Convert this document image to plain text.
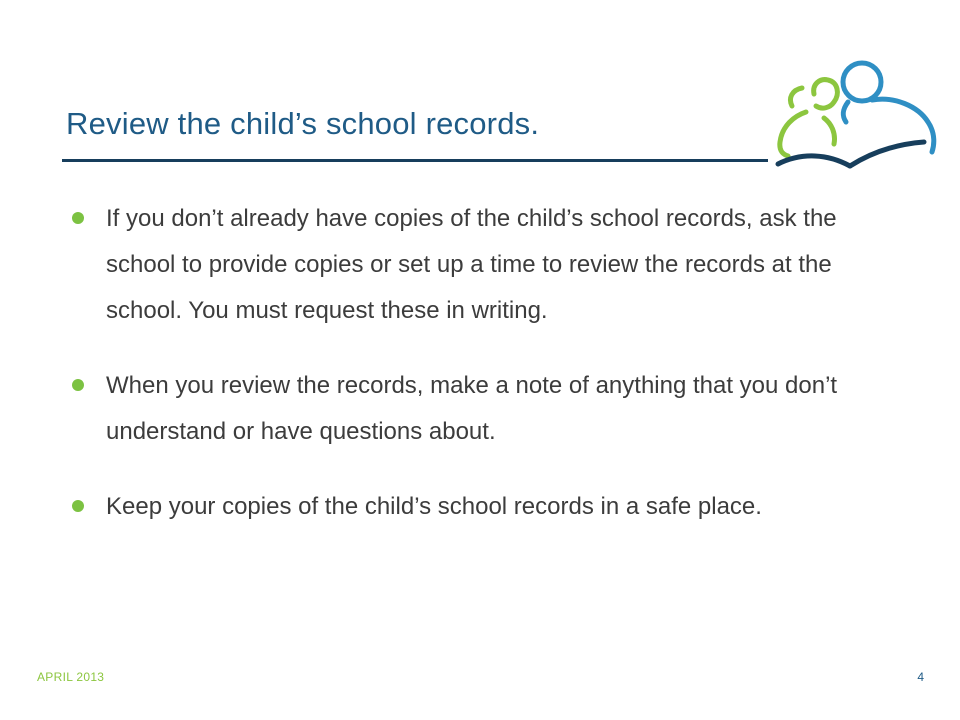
Review the child’s school records.
If you don’t already have copies of the child’s school records, ask the school to provide copies or set up a time to review the records at the school. You must request these in writing.
When you review the records, make a note of anything that you don’t understand or have questions about.
Keep your copies of the child’s school records in a safe place.
APRIL 2013	4
